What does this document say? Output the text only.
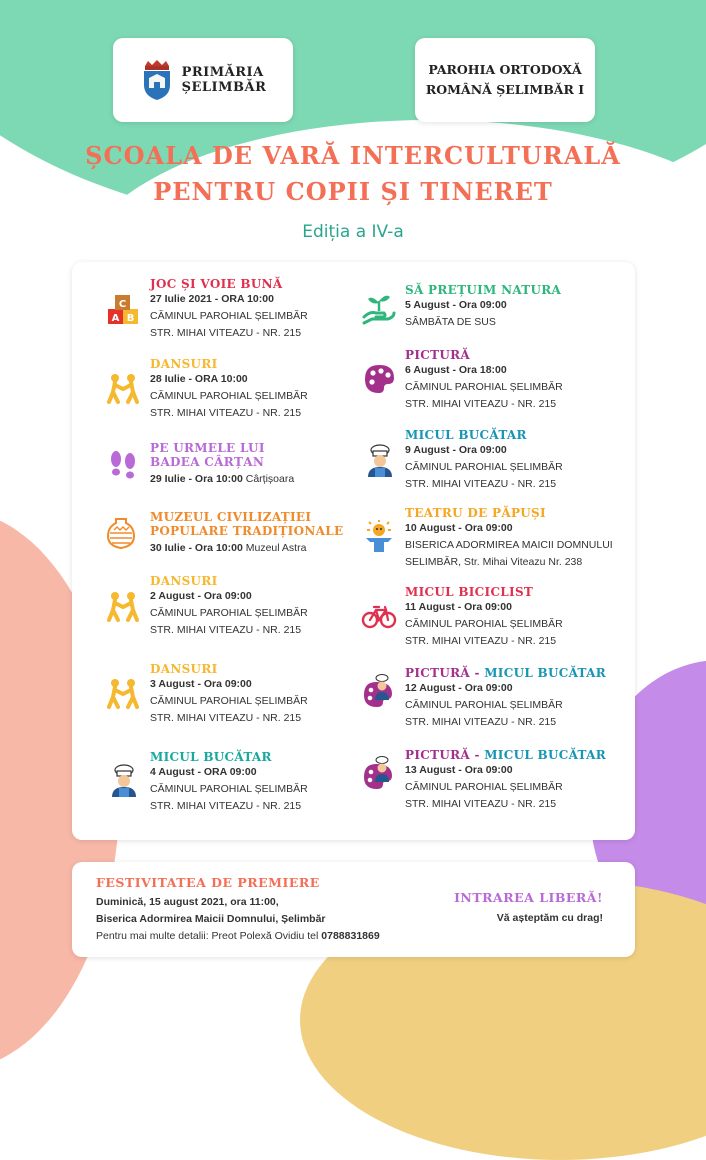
PRIMĂRIA
ȘELIMBĂR
PAROHIA ORTODOXĂ
ROMÂNĂ ȘELIMBĂR I
ȘCOALA DE VARĂ INTERCULTURALĂ
PENTRU COPII ȘI TINERET
Ediția a IV-a
A B
C
JOC ȘI VOIE BUNĂ
27 Iulie 2021 - ORA 10:00
CĂMINUL PAROHIAL ȘELIMBĂR
STR. MIHAI VITEAZU - NR. 215
DANSURI
28 Iulie - ORA 10:00
CĂMINUL PAROHIAL ȘELIMBĂR
STR. MIHAI VITEAZU - NR. 215
PE URMELE LUI
BADEA CÂRȚAN
29 Iulie - Ora 10:00 Cârțișoara
MUZEUL CIVILIZAȚIEI
POPULARE TRADIȚIONALE
30 Iulie - Ora 10:00 Muzeul Astra
DANSURI
2 August - Ora 09:00
CĂMINUL PAROHIAL ȘELIMBĂR
STR. MIHAI VITEAZU - NR. 215
DANSURI
3 August - Ora 09:00
CĂMINUL PAROHIAL ȘELIMBĂR
STR. MIHAI VITEAZU - NR. 215
MICUL BUCĂTAR
4 August - ORA 09:00
CĂMINUL PAROHIAL ȘELIMBĂR
STR. MIHAI VITEAZU - NR. 215
SĂ PREȚUIM NATURA
5 August - Ora 09:00
SÂMBĂTA DE SUS
PICTURĂ
6 August - Ora 18:00
CĂMINUL PAROHIAL ȘELIMBĂR
STR. MIHAI VITEAZU - NR. 215
MICUL BUCĂTAR
9 August - Ora 09:00
CĂMINUL PAROHIAL ȘELIMBĂR
STR. MIHAI VITEAZU - NR. 215
TEATRU DE PĂPUȘI
10 August - Ora 09:00
BISERICA ADORMIREA MAICII DOMNULUI
SELIMBĂR, Str. Mihai Viteazu Nr. 238
MICUL BICICLIST
11 August - Ora 09:00
CĂMINUL PAROHIAL ȘELIMBĂR
STR. MIHAI VITEAZU - NR. 215
PICTURĂ - MICUL BUCĂTAR
12 August - Ora 09:00
CĂMINUL PAROHIAL ȘELIMBĂR
STR. MIHAI VITEAZU - NR. 215
PICTURĂ - MICUL BUCĂTAR
13 August - Ora 09:00
CĂMINUL PAROHIAL ȘELIMBĂR
STR. MIHAI VITEAZU - NR. 215
FESTIVITATEA DE PREMIERE
Duminică, 15 august 2021, ora 11:00,
Biserica Adormirea Maicii Domnului, Șelimbăr
Pentru mai multe detalii: Preot Polexă Ovidiu tel 0788831869
INTRAREA LIBERĂ!
Vă așteptăm cu drag!
